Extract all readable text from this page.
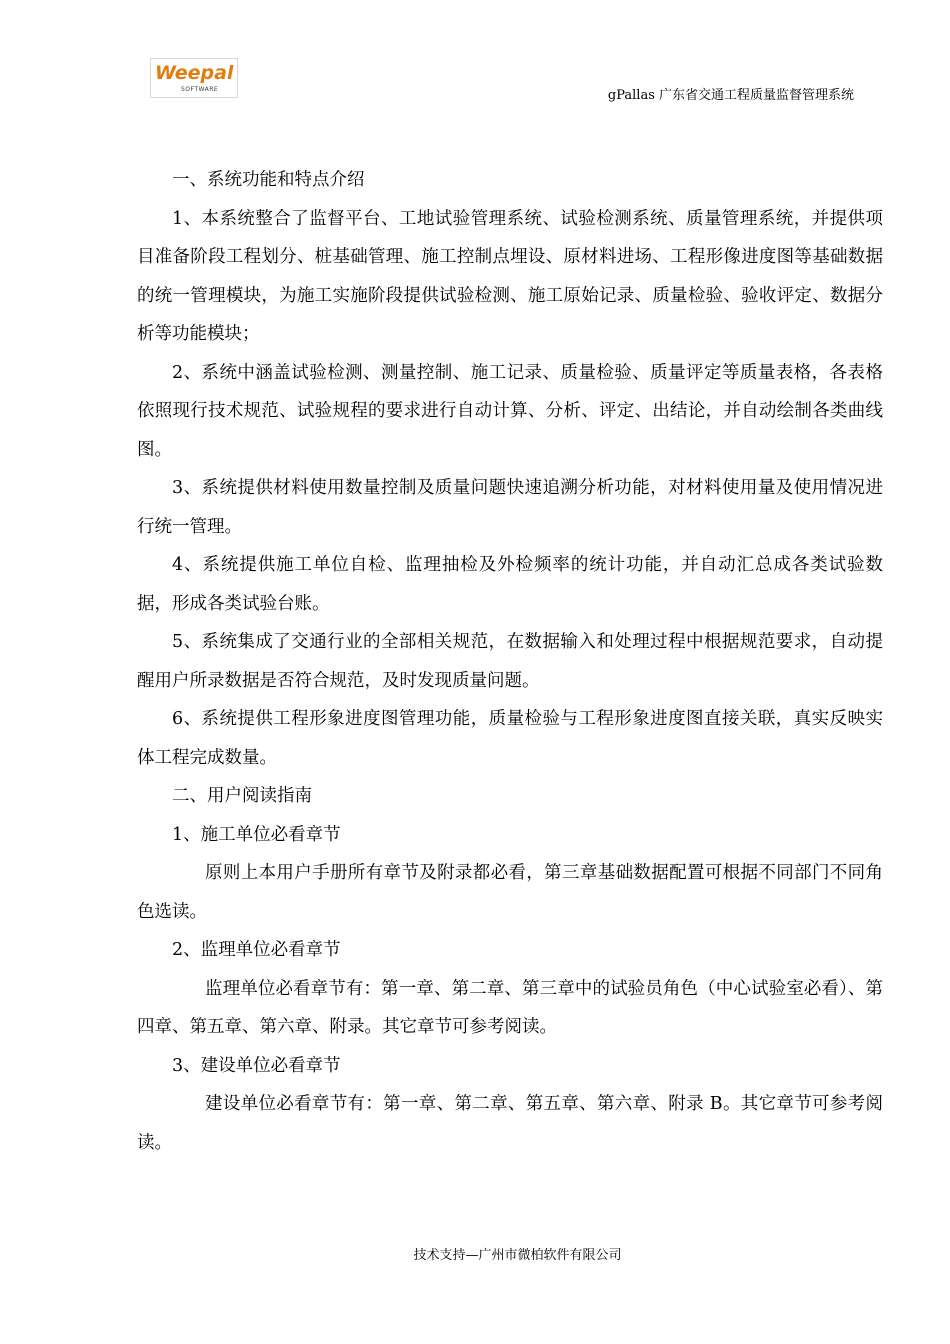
Weepal
SOFTWARE	gPallas 广东省交通工程质量监督管理系统

一、系统功能和特点介绍

1、本系统整合了监督平台、工地试验管理系统、试验检测系统、质量管理系统，并提供项目准备阶段工程划分、桩基础管理、施工控制点埋设、原材料进场、工程形像进度图等基础数据的统一管理模块，为施工实施阶段提供试验检测、施工原始记录、质量检验、验收评定、数据分析等功能模块；

2、系统中涵盖试验检测、测量控制、施工记录、质量检验、质量评定等质量表格，各表格依照现行技术规范、试验规程的要求进行自动计算、分析、评定、出结论，并自动绘制各类曲线图。

3、系统提供材料使用数量控制及质量问题快速追溯分析功能，对材料使用量及使用情况进行统一管理。

4、系统提供施工单位自检、监理抽检及外检频率的统计功能，并自动汇总成各类试验数据，形成各类试验台账。

5、系统集成了交通行业的全部相关规范，在数据输入和处理过程中根据规范要求，自动提醒用户所录数据是否符合规范，及时发现质量问题。

6、系统提供工程形象进度图管理功能，质量检验与工程形象进度图直接关联，真实反映实体工程完成数量。

二、用户阅读指南

1、施工单位必看章节

原则上本用户手册所有章节及附录都必看，第三章基础数据配置可根据不同部门不同角色选读。

2、监理单位必看章节

监理单位必看章节有：第一章、第二章、第三章中的试验员角色（中心试验室必看）、第四章、第五章、第六章、附录。其它章节可参考阅读。

3、建设单位必看章节

建设单位必看章节有：第一章、第二章、第五章、第六章、附录 B。其它章节可参考阅读。

技术支持—广州市微柏软件有限公司
